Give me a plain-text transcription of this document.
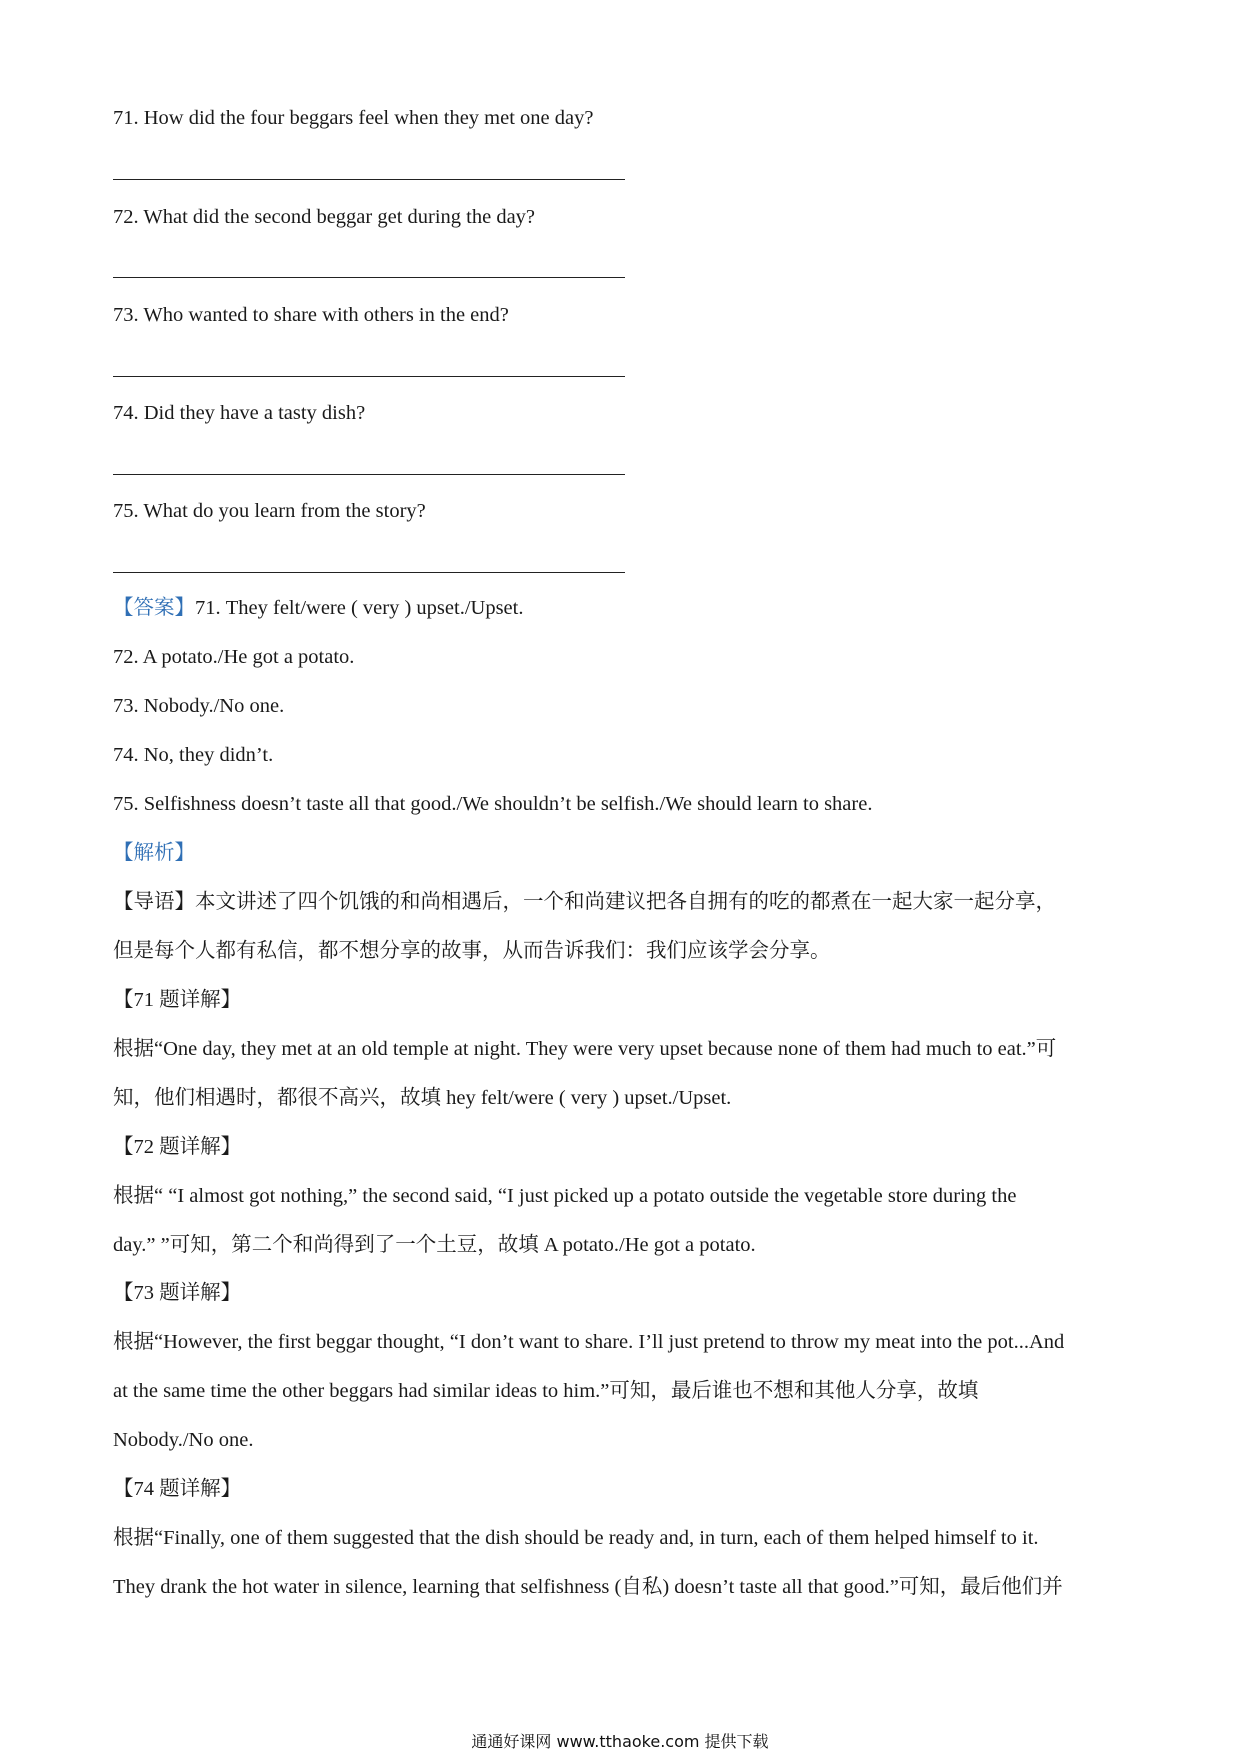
71. How did the four beggars feel when they met one day?
72. What did the second beggar get during the day?
73. Who wanted to share with others in the end?
74. Did they have a tasty dish?
75. What do you learn from the story?
【答案】71. They felt/were ( very ) upset./Upset.
72. A potato./He got a potato.
73. Nobody./No one.
74. No, they didn’t.
75. Selfishness doesn’t taste all that good./We shouldn’t be selfish./We should learn to share.
【解析】
【导语】本文讲述了四个饥饿的和尚相遇后，一个和尚建议把各自拥有的吃的都煮在一起大家一起分享，
但是每个人都有私信，都不想分享的故事，从而告诉我们：我们应该学会分享。
【71 题详解】
根据“One day, they met at an old temple at night. They were very upset because none of them had much to eat.”可
知，他们相遇时，都很不高兴，故填 hey felt/were ( very ) upset./Upset.
【72 题详解】
根据“ “I almost got nothing,” the second said, “I just picked up a potato outside the vegetable store during the
day.” ”可知，第二个和尚得到了一个土豆，故填 A potato./He got a potato.
【73 题详解】
根据“However, the first beggar thought, “I don’t want to share. I’ll just pretend to throw my meat into the pot...And
at the same time the other beggars had similar ideas to him.”可知，最后谁也不想和其他人分享，故填
Nobody./No one.
【74 题详解】
根据“Finally, one of them suggested that the dish should be ready and, in turn, each of them helped himself to it.
They drank the hot water in silence, learning that selfishness (自私) doesn’t taste all that good.”可知，最后他们并
通通好课网 www.tthaoke.com 提供下载
